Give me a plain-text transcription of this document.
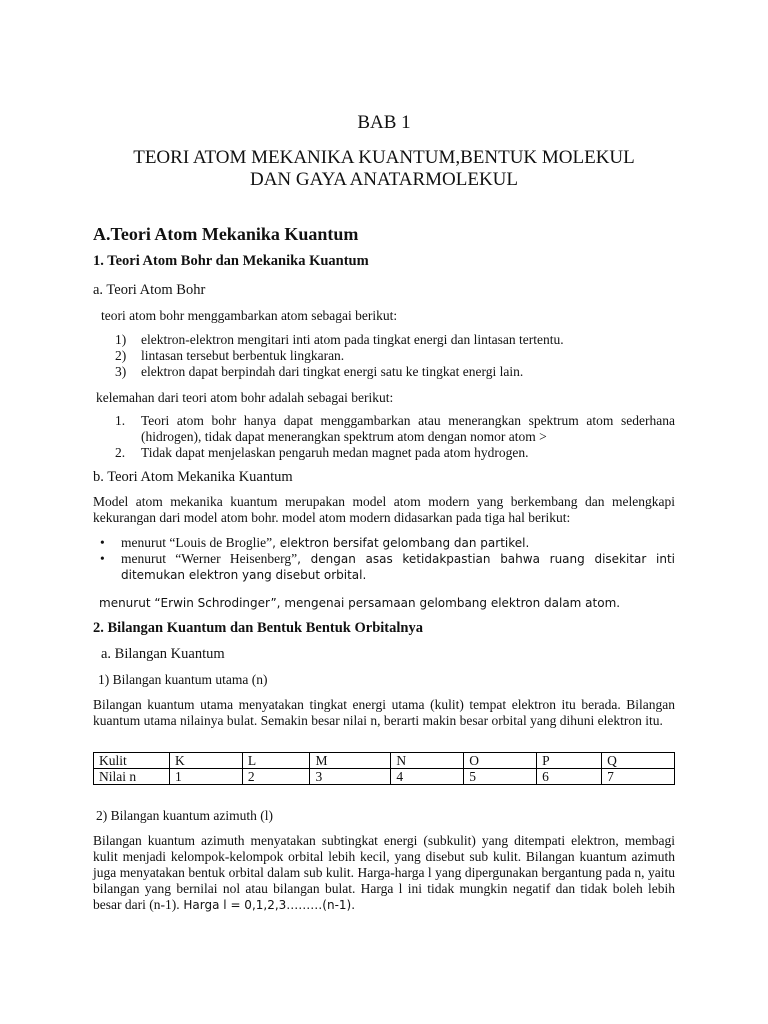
BAB 1
TEORI ATOM MEKANIKA KUANTUM,BENTUK MOLEKUL
DAN GAYA ANATARMOLEKUL
A.Teori Atom Mekanika Kuantum
1. Teori Atom Bohr dan Mekanika Kuantum
a. Teori Atom Bohr
teori atom bohr menggambarkan atom sebagai berikut:
1)	elektron-elektron mengitari inti atom pada tingkat energi dan lintasan tertentu.
2)	lintasan tersebut berbentuk lingkaran.
3)	elektron dapat berpindah dari tingkat energi satu ke tingkat energi lain.
kelemahan dari teori atom bohr adalah sebagai berikut:
1.	Teori atom bohr hanya dapat menggambarkan atau menerangkan spektrum atom sederhana (hidrogen), tidak dapat menerangkan spektrum atom dengan nomor atom >
2.	Tidak dapat menjelaskan pengaruh medan magnet pada atom hydrogen.
b. Teori Atom Mekanika Kuantum

Model atom mekanika kuantum merupakan model atom modern yang berkembang dan melengkapi kekurangan dari model atom bohr. model atom modern didasarkan pada tiga hal berikut:

• menurut “Louis de Broglie”, elektron bersifat gelombang dan partikel.
• menurut “Werner Heisenberg”, dengan asas ketidakpastian bahwa ruang disekitar inti ditemukan elektron yang disebut orbital.
menurut “Erwin Schrodinger”, mengenai persamaan gelombang elektron dalam atom.
2. Bilangan Kuantum dan Bentuk Bentuk Orbitalnya
a. Bilangan Kuantum
1) Bilangan kuantum utama (n)

Bilangan kuantum utama menyatakan tingkat energi utama (kulit) tempat elektron itu berada. Bilangan kuantum utama nilainya bulat. Semakin besar nilai n, berarti makin besar orbital yang dihuni elektron itu.

Kulit	K	L	M	N	O	P	Q
Nilai n	1	2	3	4	5	6	7
2) Bilangan kuantum azimuth (l)

Bilangan kuantum azimuth menyatakan subtingkat energi (subkulit) yang ditempati elektron, membagi kulit menjadi kelompok-kelompok orbital lebih kecil, yang disebut sub kulit. Bilangan kuantum azimuth juga menyatakan bentuk orbital dalam sub kulit. Harga-harga l yang dipergunakan bergantung pada n, yaitu bilangan yang bernilai nol atau bilangan bulat. Harga l ini tidak mungkin negatif dan tidak boleh lebih besar dari (n-1). Harga l = 0,1,2,3………(n-1).
